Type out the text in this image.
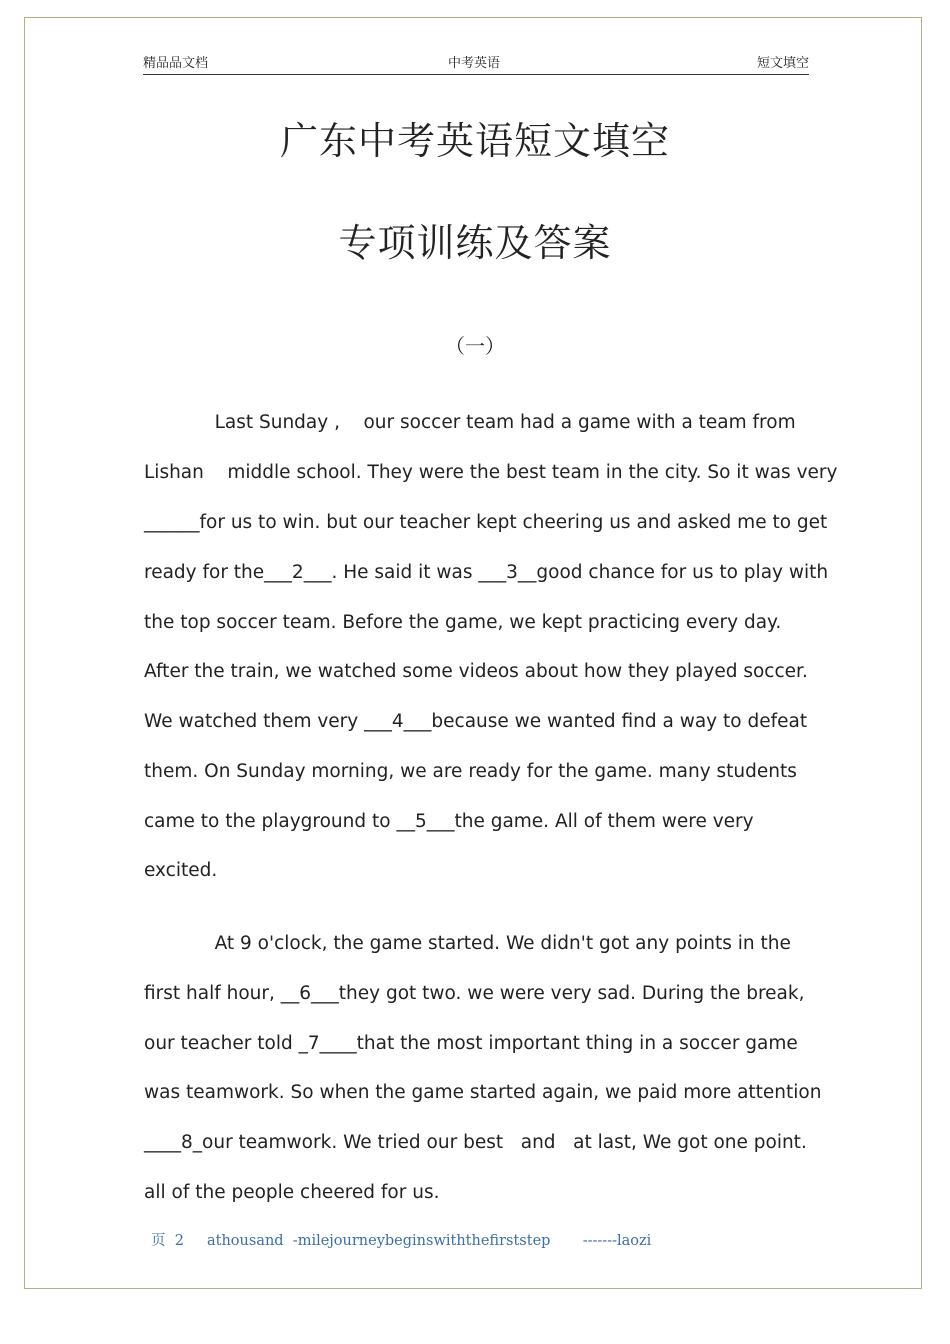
精品品文档	中考英语	短文填空
广东中考英语短文填空
专项训练及答案
（一）
Last Sunday ,    our soccer team had a game with a team from
Lishan    middle school. They were the best team in the city. So it was very
______for us to win. but our teacher kept cheering us and asked me to get
ready for the___2___. He said it was ___3__good chance for us to play with
the top soccer team. Before the game, we kept practicing every day.
After the train, we watched some videos about how they played soccer.
We watched them very ___4___because we wanted find a way to defeat
them. On Sunday morning, we are ready for the game. many students
came to the playground to __5___the game. All of them were very
excited.
At 9 o'clock, the game started. We didn't got any points in the
first half hour, __6___they got two. we were very sad. During the break,
our teacher told _7____that the most important thing in a soccer game
was teamwork. So when the game started again, we paid more attention
____8_our teamwork. We tried our best   and   at last, We got one point.
all of the people cheered for us.
页  2     athousand  -milejourneybeginswiththefirststep       -------laozi
